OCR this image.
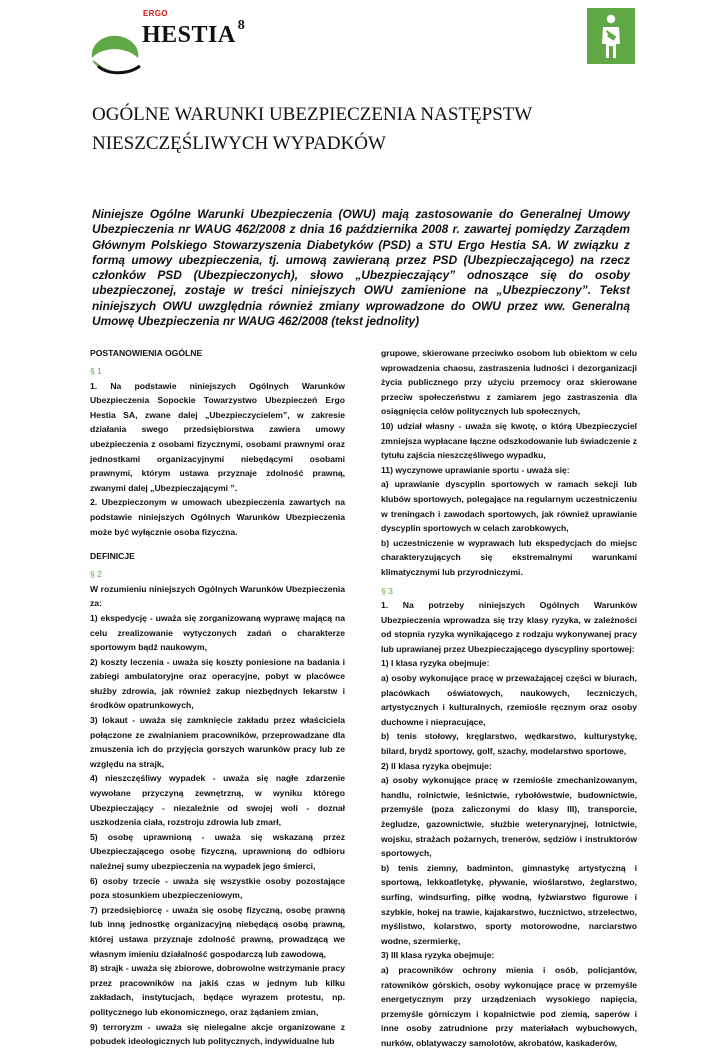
ERGO
HESTIA $^8$
OGÓLNE WARUNKI UBEZPIECZENIA NASTĘPSTW
NIESZCZĘŚLIWYCH WYPADKÓW
Niniejsze Ogólne Warunki Ubezpieczenia (OWU) mają zastosowanie do Generalnej Umowy Ubezpieczenia nr WAUG 462/2008 z dnia 16 października 2008 r. zawartej pomiędzy Zarządem Głównym Polskiego Stowarzyszenia Diabetyków (PSD) a STU Ergo Hestia SA. W związku z formą umowy ubezpieczenia, tj. umową zawieraną przez PSD (Ubezpieczającego) na rzecz członków PSD (Ubezpieczonych), słowo „Ubezpieczający” odnoszące się do osoby ubezpieczonej, zostaje w treści niniejszych OWU zamienione na „Ubezpieczony”. Tekst niniejszych OWU uwzględnia również zmiany wprowadzone do OWU przez ww. Generalną Umowę Ubezpieczenia nr WAUG 462/2008 (tekst jednolity)

POSTANOWIENIA OGÓLNE

§ 1

1. Na podstawie niniejszych Ogólnych Warunków Ubezpieczenia Sopockie Towarzystwo Ubezpieczeń Ergo Hestia SA, zwane dalej „Ubezpieczycielem”, w zakresie działania swego przedsiębiorstwa zawiera umowy ubezpieczenia z osobami fizycznymi, osobami prawnymi oraz jednostkami organizacyjnymi niebędącymi osobami prawnymi, którym ustawa przyznaje zdolność prawną, zwanymi dalej „Ubezpieczającymi ”.

2. Ubezpieczonym w umowach ubezpieczenia zawartych na podstawie niniejszych Ogólnych Warunków Ubezpieczenia może być wyłącznie osoba fizyczna.

DEFINICJE

§ 2

W rozumieniu niniejszych Ogólnych Warunków Ubezpieczenia za:

1) ekspedycję - uważa się zorganizowaną wyprawę mającą na celu zrealizowanie wytyczonych zadań o charakterze sportowym bądź naukowym,

2) koszty leczenia - uważa się koszty poniesione na badania i zabiegi ambulatoryjne oraz operacyjne, pobyt w placówce służby zdrowia, jak również zakup niezbędnych lekarstw i środków opatrunkowych,

3) lokaut - uważa się zamknięcie zakładu przez właściciela połączone ze zwalnianiem pracowników, przeprowadzane dla zmuszenia ich do przyjęcia gorszych warunków pracy lub ze względu na strajk,

4) nieszczęśliwy wypadek - uważa się nagłe zdarzenie wywołane przyczyną zewnętrzną, w wyniku którego Ubezpieczający - niezależnie od swojej woli - doznał uszkodzenia ciała, rozstroju zdrowia lub zmarł,

5) osobę uprawnioną - uważa się wskazaną przez Ubezpieczającego osobę fizyczną, uprawnioną do odbioru należnej sumy ubezpieczenia na wypadek jego śmierci,

6) osoby trzecie - uważa się wszystkie osoby pozostające poza stosunkiem ubezpieczeniowym,

7) przedsiębiorcę - uważa się osobę fizyczną, osobę prawną lub inną jednostkę organizacyjną niebędącą osobą prawną, której ustawa przyznaje zdolność prawną, prowadzącą we własnym imieniu działalność gospodarczą lub zawodową,

8) strajk - uważa się zbiorowe, dobrowolne wstrzymanie pracy przez pracowników na jakiś czas w jednym lub kilku zakładach, instytucjach, będące wyrazem protestu, np. politycznego lub ekonomicznego, oraz żądaniem zmian,

9) terroryzm - uważa się nielegalne akcje organizowane z pobudek ideologicznych lub politycznych, indywidualne lub

grupowe, skierowane przeciwko osobom lub obiektom w celu wprowadzenia chaosu, zastraszenia ludności i dezorganizacji życia publicznego przy użyciu przemocy oraz skierowane przeciw społeczeństwu z zamiarem jego zastraszenia dla osiągnięcia celów politycznych lub społecznych,

10) udział własny - uważa się kwotę, o którą Ubezpieczyciel zmniejsza wypłacane łączne odszkodowanie lub świadczenie z tytułu zajścia nieszczęśliwego wypadku,

11) wyczynowe uprawianie sportu - uważa się:

a) uprawianie dyscyplin sportowych w ramach sekcji lub klubów sportowych, polegające na regularnym uczestniczeniu w treningach i zawodach sportowych, jak również uprawianie dyscyplin sportowych w celach zarobkowych,

b) uczestniczenie w wyprawach lub ekspedycjach do miejsc charakteryzujących się ekstremalnymi warunkami klimatycznymi lub przyrodniczymi.

§ 3

1. Na potrzeby niniejszych Ogólnych Warunków Ubezpieczenia wprowadza się trzy klasy ryzyka, w zależności od stopnia ryzyka wynikającego z rodzaju wykonywanej pracy lub uprawianej przez Ubezpieczającego dyscypliny sportowej:

1) I klasa ryzyka obejmuje:

a) osoby wykonujące pracę w przeważającej części w biurach, placówkach oświatowych, naukowych, leczniczych, artystycznych i kulturalnych, rzemiośle ręcznym oraz osoby duchowne i niepracujące,

b) tenis stołowy, kręglarstwo, wędkarstwo, kulturystykę, bilard, brydż sportowy, golf, szachy, modelarstwo sportowe,

2) II klasa ryzyka obejmuje:

a) osoby wykonujące pracę w rzemiośle zmechanizowanym, handlu, rolnictwie, leśnictwie, rybołówstwie, budownictwie, przemyśle (poza zaliczonymi do klasy III), transporcie, żegludze, gazownictwie, służbie weterynaryjnej, lotnictwie, wojsku, strażach pożarnych, trenerów, sędziów i instruktorów sportowych,

b) tenis ziemny, badminton, gimnastykę artystyczną i sportową, lekkoatletykę, pływanie, wioślarstwo, żeglarstwo, surfing, windsurfing, piłkę wodną, łyżwiarstwo figurowe i szybkie, hokej na trawie, kajakarstwo, łucznictwo, strzelectwo, myślistwo, kolarstwo, sporty motorowodne, narciarstwo wodne, szermierkę,

3) III klasa ryzyka obejmuje:

a) pracowników ochrony mienia i osób, policjantów, ratowników górskich, osoby wykonujące pracę w przemyśle energetycznym przy urządzeniach wysokiego napięcia, przemyśle górniczym i kopalnictwie pod ziemią, saperów i inne osoby zatrudnione przy materiałach wybuchowych, nurków, oblatywaczy samolotów, akrobatów, kaskaderów,
